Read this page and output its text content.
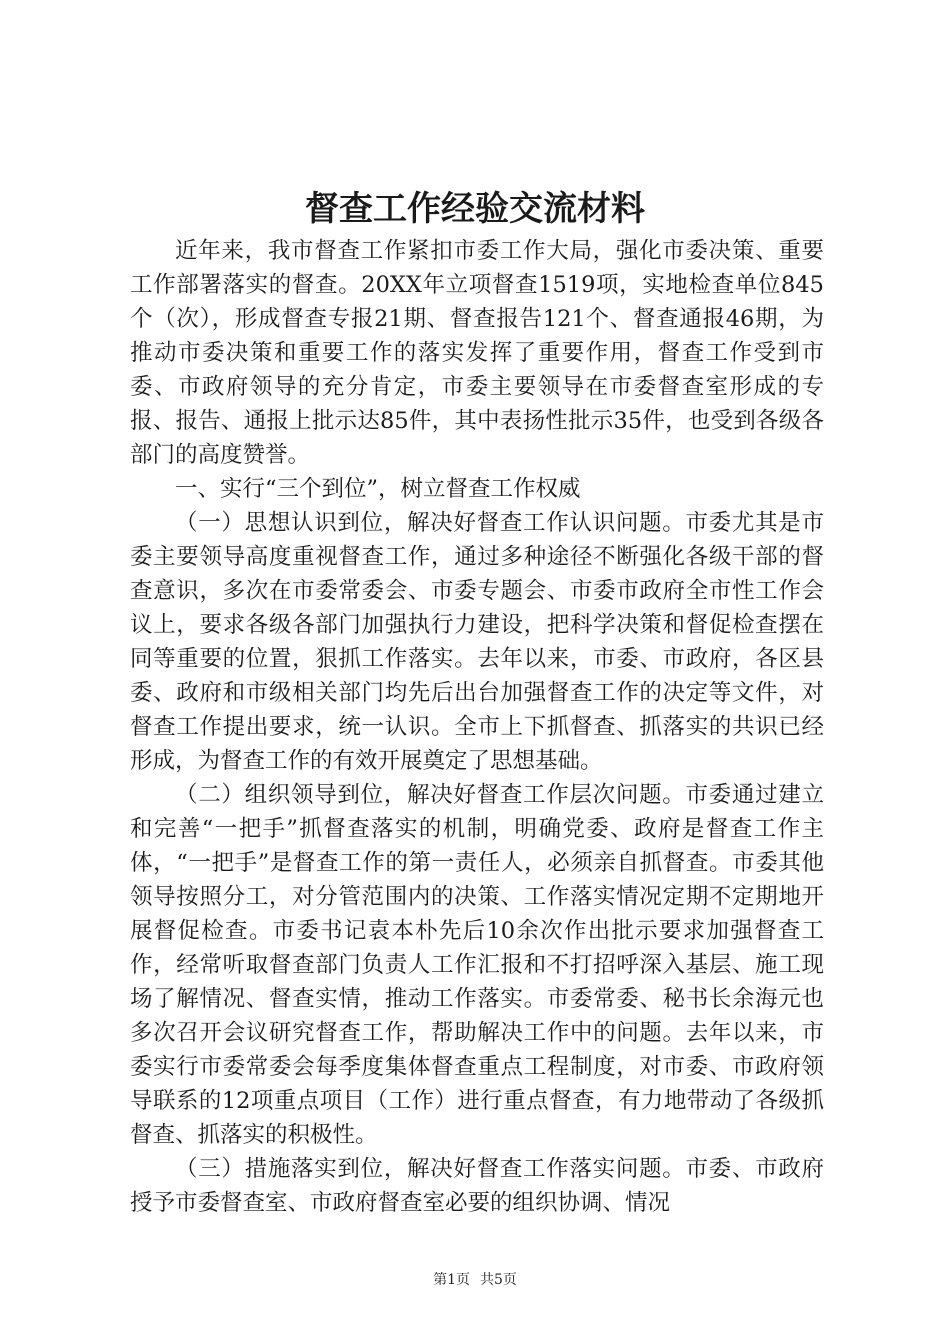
督查工作经验交流材料

近年来，我市督查工作紧扣市委工作大局，强化市委决策、重要工作部署落实的督查。20XX年立项督查1519项，实地检查单位845个（次），形成督查专报21期、督查报告121个、督查通报46期，为推动市委决策和重要工作的落实发挥了重要作用，督查工作受到市委、市政府领导的充分肯定，市委主要领导在市委督查室形成的专报、报告、通报上批示达85件，其中表扬性批示35件，也受到各级各部门的高度赞誉。

一、实行“三个到位”，树立督查工作权威

（一）思想认识到位，解决好督查工作认识问题。市委尤其是市委主要领导高度重视督查工作，通过多种途径不断强化各级干部的督查意识，多次在市委常委会、市委专题会、市委市政府全市性工作会议上，要求各级各部门加强执行力建设，把科学决策和督促检查摆在同等重要的位置，狠抓工作落实。去年以来，市委、市政府，各区县委、政府和市级相关部门均先后出台加强督查工作的决定等文件，对督查工作提出要求，统一认识。全市上下抓督查、抓落实的共识已经形成，为督查工作的有效开展奠定了思想基础。

（二）组织领导到位，解决好督查工作层次问题。市委通过建立和完善“一把手”抓督查落实的机制，明确党委、政府是督查工作主体，“一把手”是督查工作的第一责任人，必须亲自抓督查。市委其他领导按照分工，对分管范围内的决策、工作落实情况定期不定期地开展督促检查。市委书记袁本朴先后10余次作出批示要求加强督查工作，经常听取督查部门负责人工作汇报和不打招呼深入基层、施工现场了解情况、督查实情，推动工作落实。市委常委、秘书长余海元也多次召开会议研究督查工作，帮助解决工作中的问题。去年以来，市委实行市委常委会每季度集体督查重点工程制度，对市委、市政府领导联系的12项重点项目（工作）进行重点督查，有力地带动了各级抓督查、抓落实的积极性。

（三）措施落实到位，解决好督查工作落实问题。市委、市政府授予市委督查室、市政府督查室必要的组织协调、情况

第1页 共5页
